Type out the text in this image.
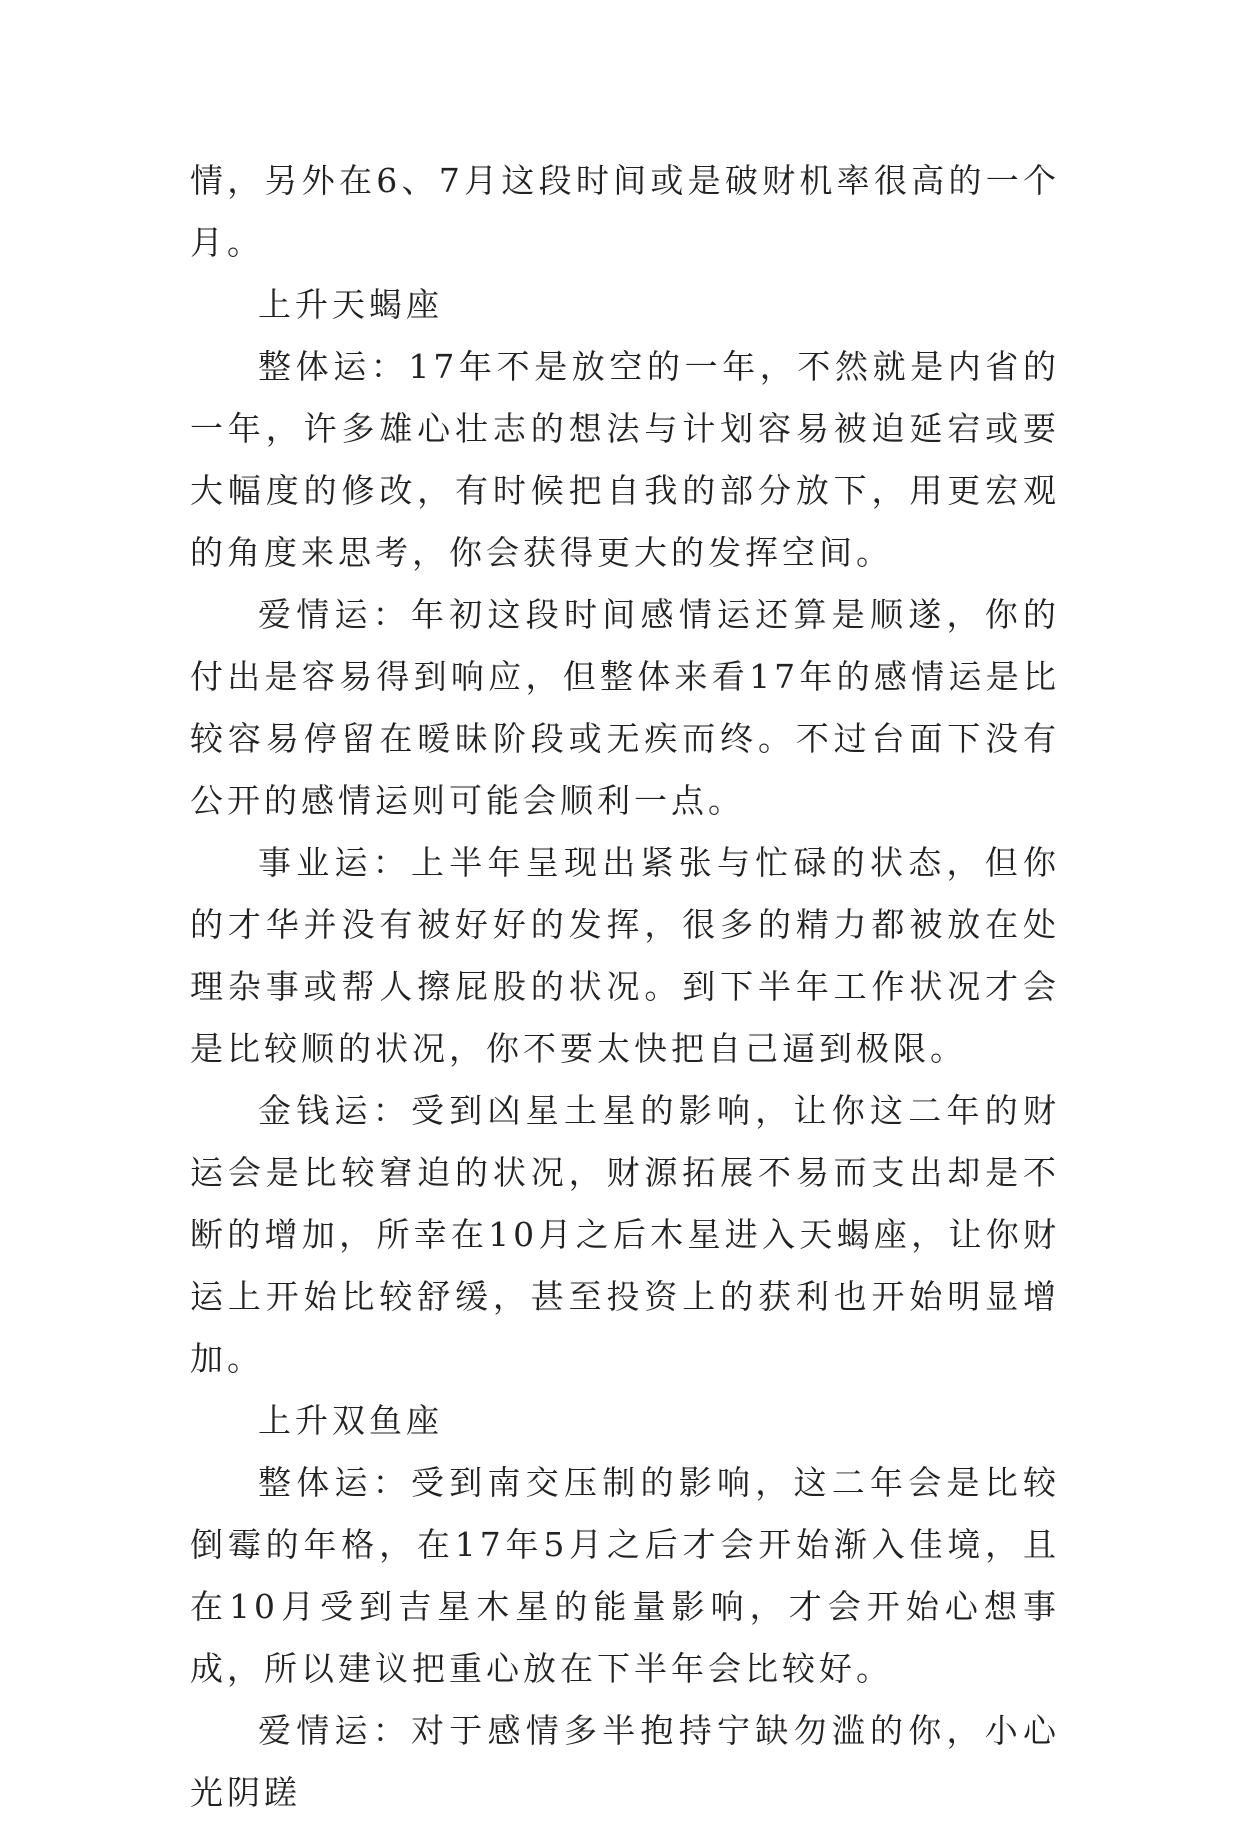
情，另外在6、7月这段时间或是破财机率很高的一个月。

上升天蝎座

整体运：17年不是放空的一年，不然就是内省的一年，许多雄心壮志的想法与计划容易被迫延宕或要大幅度的修改，有时候把自我的部分放下，用更宏观的角度来思考，你会获得更大的发挥空间。

爱情运：年初这段时间感情运还算是顺遂，你的付出是容易得到响应，但整体来看17年的感情运是比较容易停留在暧昧阶段或无疾而终。不过台面下没有公开的感情运则可能会顺利一点。

事业运：上半年呈现出紧张与忙碌的状态，但你的才华并没有被好好的发挥，很多的精力都被放在处理杂事或帮人擦屁股的状况。到下半年工作状况才会是比较顺的状况，你不要太快把自己逼到极限。

金钱运：受到凶星土星的影响，让你这二年的财运会是比较窘迫的状况，财源拓展不易而支出却是不断的增加，所幸在10月之后木星进入天蝎座，让你财运上开始比较舒缓，甚至投资上的获利也开始明显增加。

上升双鱼座

整体运：受到南交压制的影响，这二年会是比较倒霉的年格，在17年5月之后才会开始渐入佳境，且在10月受到吉星木星的能量影响，才会开始心想事成，所以建议把重心放在下半年会比较好。

爱情运：对于感情多半抱持宁缺勿滥的你，小心光阴蹉
